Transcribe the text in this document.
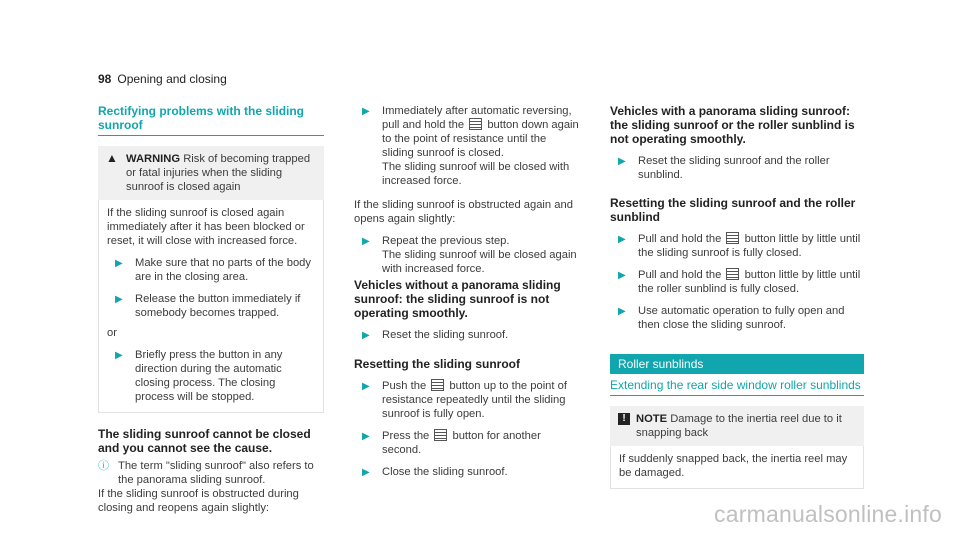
98 Opening and closing
Rectifying problems with the sliding sunroof
▲ WARNING Risk of becoming trapped or fatal injuries when the sliding sunroof is closed again

If the sliding sunroof is closed again immediately after it has been blocked or reset, it will close with increased force.

▶	Make sure that no parts of the body are in the closing area.
▶	Release the button immediately if somebody becomes trapped.

or

▶	Briefly press the button in any direction during the automatic closing process. The closing process will be stopped.
The sliding sunroof cannot be closed and you cannot see the cause.
ⓘ The term "sliding sunroof" also refers to the panorama sliding sunroof.

If the sliding sunroof is obstructed during closing and reopens again slightly:

▶	Immediately after automatic reversing, pull and hold the button down again to the point of resistance until the sliding sunroof is closed.
The sliding sunroof will be closed with increased force.

If the sliding sunroof is obstructed again and opens again slightly:

▶	Repeat the previous step.
The sliding sunroof will be closed again with increased force.
Vehicles without a panorama sliding sunroof: the sliding sunroof is not operating smoothly.
▶	Reset the sliding sunroof.
Resetting the sliding sunroof
▶	Push the button up to the point of resistance repeatedly until the sliding sunroof is fully open.
▶	Press the button for another second.
▶	Close the sliding sunroof.
Vehicles with a panorama sliding sunroof: the sliding sunroof or the roller sunblind is not operating smoothly.
▶	Reset the sliding sunroof and the roller sunblind.
Resetting the sliding sunroof and the roller sunblind
▶	Pull and hold the button little by little until the sliding sunroof is fully closed.
▶	Pull and hold the button little by little until the roller sunblind is fully closed.
▶	Use automatic operation to fully open and then close the sliding sunroof.
Roller sunblinds
Extending the rear side window roller sunblinds
! NOTE Damage to the inertia reel due to it snapping back

If suddenly snapped back, the inertia reel may be damaged.

carmanualsonline.info
